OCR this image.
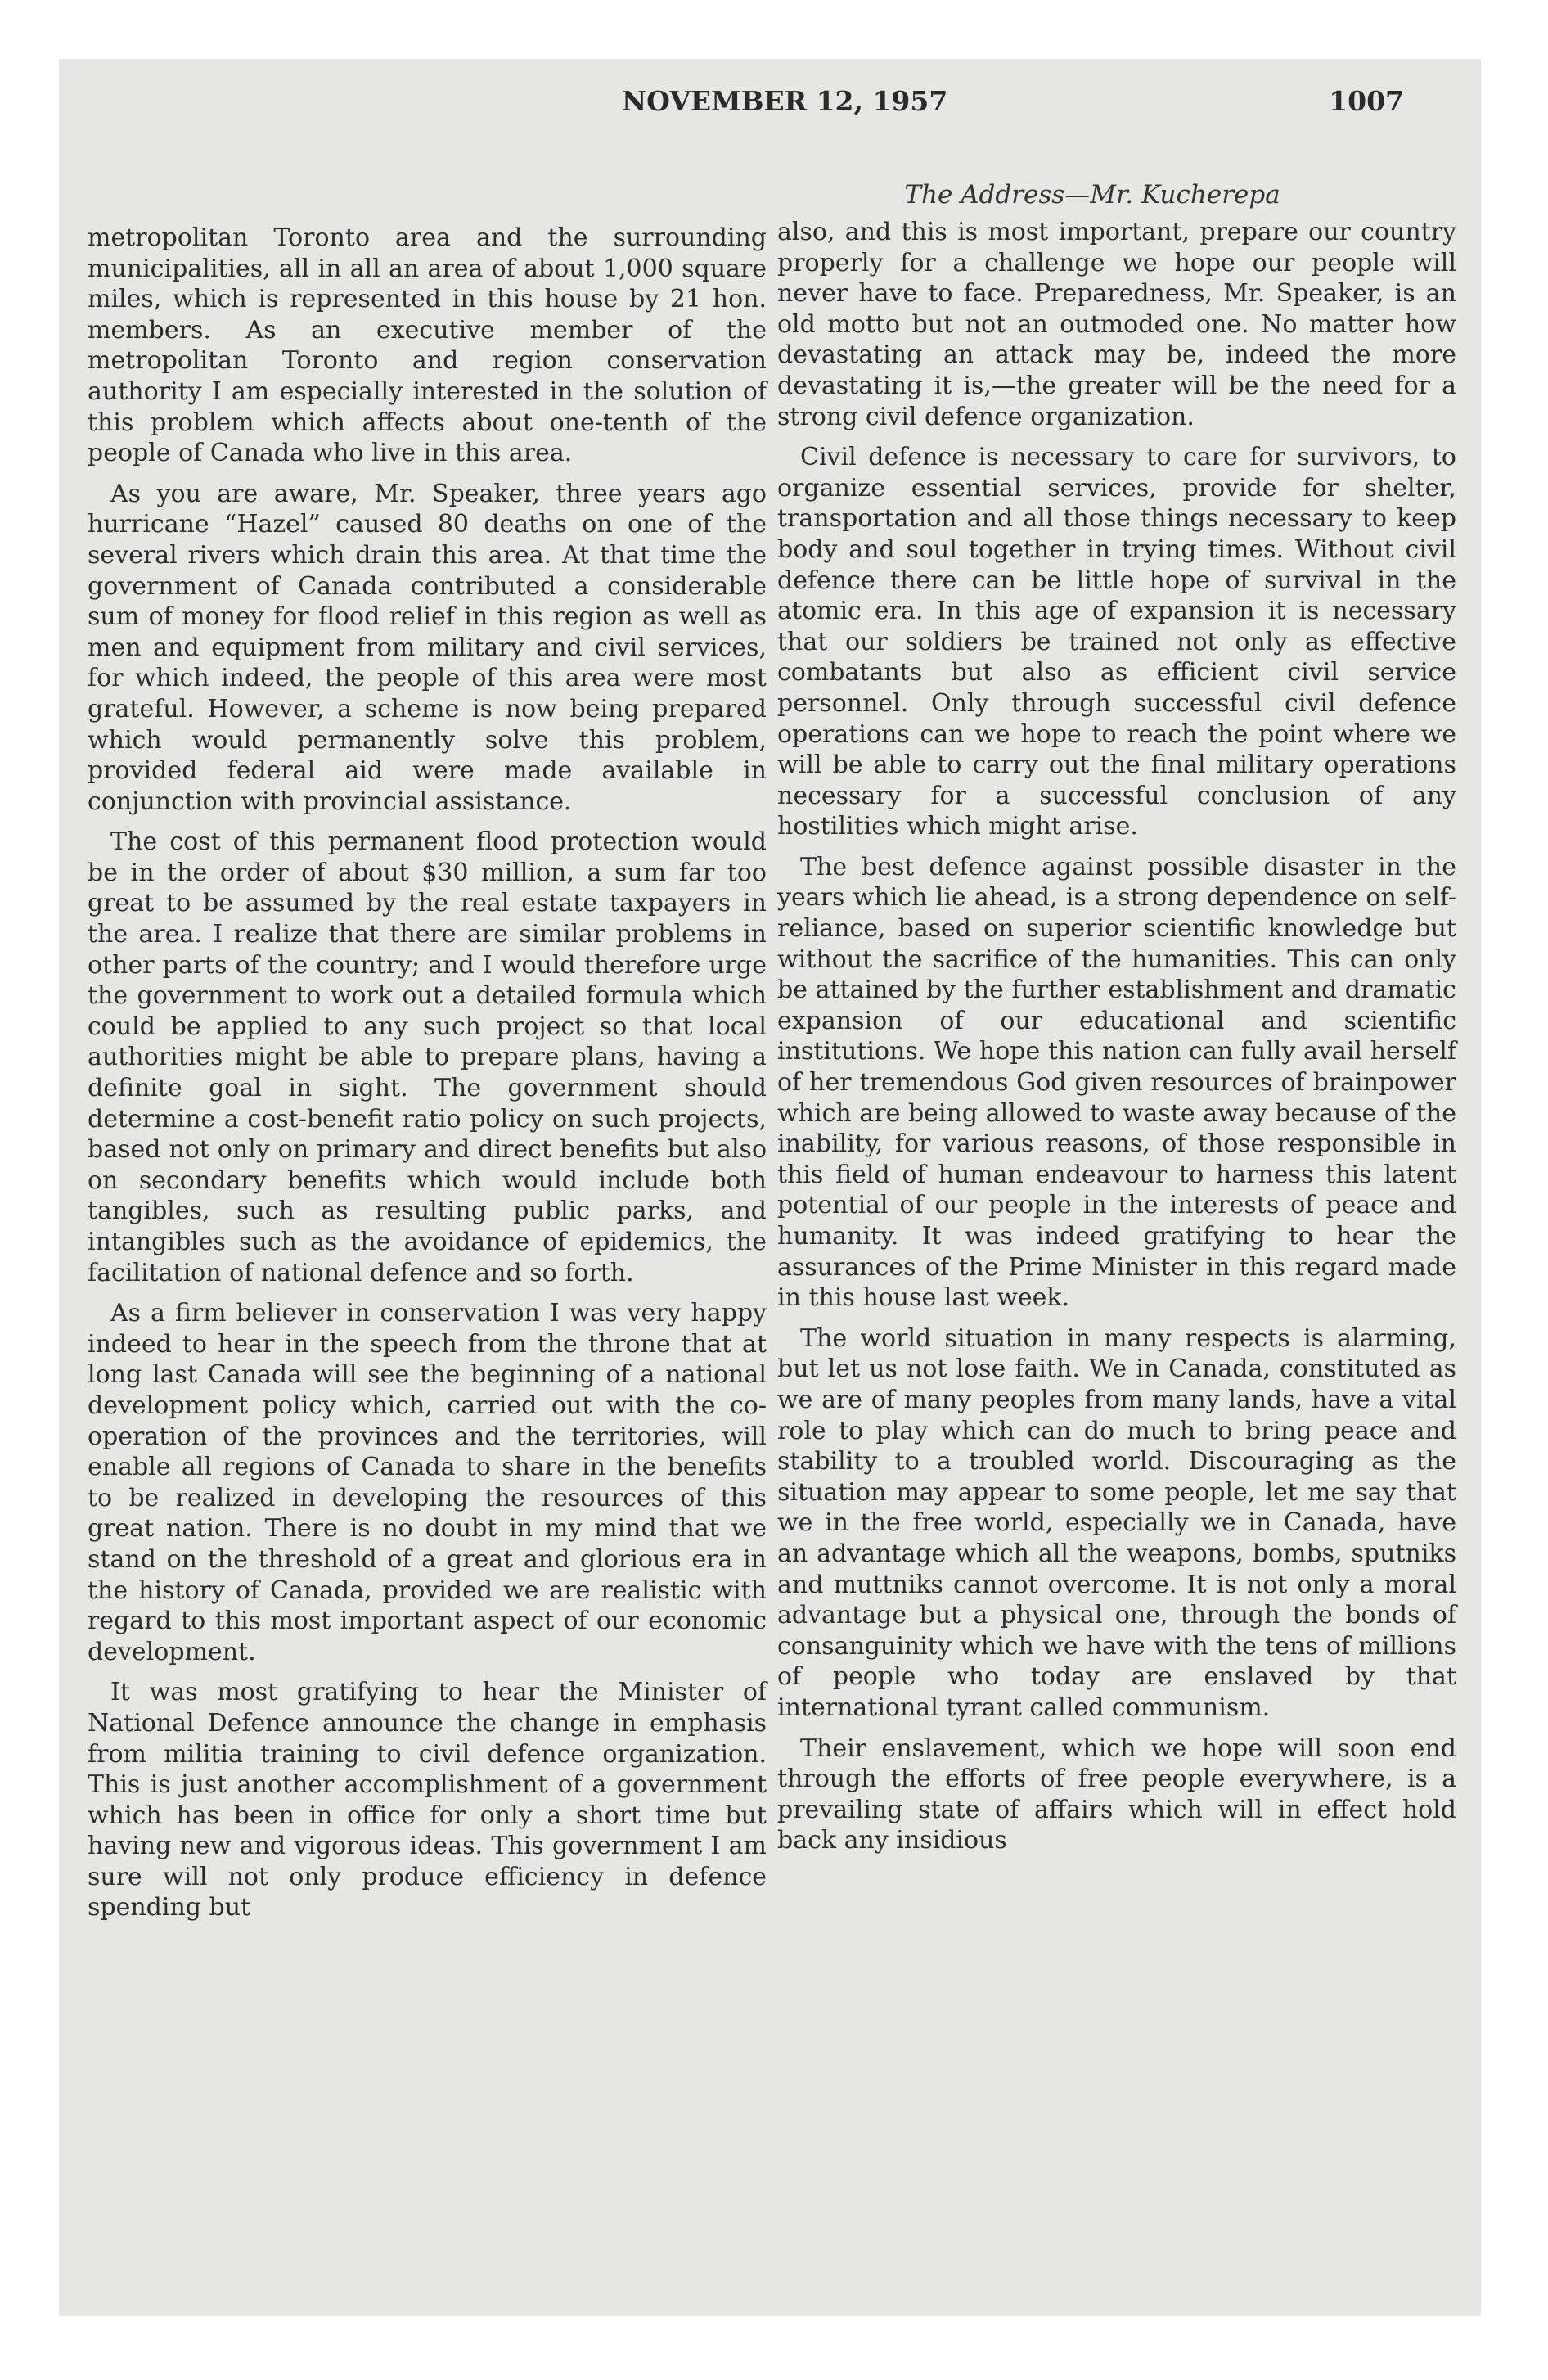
NOVEMBER 12, 1957	1007
The Address—Mr. Kucherepa

metropolitan Toronto area and the surrounding municipalities, all in all an area of about 1,000 square miles, which is represented in this house by 21 hon. members. As an executive member of the metropolitan Toronto and region conservation authority I am especially interested in the solution of this problem which affects about one-tenth of the people of Canada who live in this area.

As you are aware, Mr. Speaker, three years ago hurricane “Hazel” caused 80 deaths on one of the several rivers which drain this area. At that time the government of Canada contributed a considerable sum of money for flood relief in this region as well as men and equipment from military and civil services, for which indeed, the people of this area were most grateful. However, a scheme is now being prepared which would permanently solve this problem, provided federal aid were made available in conjunction with provincial assistance.

The cost of this permanent flood protection would be in the order of about $30 million, a sum far too great to be assumed by the real estate taxpayers in the area. I realize that there are similar problems in other parts of the country; and I would therefore urge the government to work out a detailed formula which could be applied to any such project so that local authorities might be able to prepare plans, having a definite goal in sight. The government should determine a cost-benefit ratio policy on such projects, based not only on primary and direct benefits but also on secondary benefits which would include both tangibles, such as resulting public parks, and intangibles such as the avoidance of epidemics, the facilitation of national defence and so forth.

As a firm believer in conservation I was very happy indeed to hear in the speech from the throne that at long last Canada will see the beginning of a national development policy which, carried out with the co-operation of the provinces and the territories, will enable all regions of Canada to share in the benefits to be realized in developing the resources of this great nation. There is no doubt in my mind that we stand on the threshold of a great and glorious era in the history of Canada, provided we are realistic with regard to this most important aspect of our economic development.

It was most gratifying to hear the Minister of National Defence announce the change in emphasis from militia training to civil defence organization. This is just another accomplishment of a government which has been in office for only a short time but having new and vigorous ideas. This government I am sure will not only produce efficiency in defence spending but

also, and this is most important, prepare our country properly for a challenge we hope our people will never have to face. Preparedness, Mr. Speaker, is an old motto but not an outmoded one. No matter how devastating an attack may be, indeed the more devastating it is,—the greater will be the need for a strong civil defence organization.

Civil defence is necessary to care for survivors, to organize essential services, provide for shelter, transportation and all those things necessary to keep body and soul together in trying times. Without civil defence there can be little hope of survival in the atomic era. In this age of expansion it is necessary that our soldiers be trained not only as effective combatants but also as efficient civil service personnel. Only through successful civil defence operations can we hope to reach the point where we will be able to carry out the final military operations necessary for a successful conclusion of any hostilities which might arise.

The best defence against possible disaster in the years which lie ahead, is a strong dependence on self-reliance, based on superior scientific knowledge but without the sacrifice of the humanities. This can only be attained by the further establishment and dramatic expansion of our educational and scientific institutions. We hope this nation can fully avail herself of her tremendous God given resources of brainpower which are being allowed to waste away because of the inability, for various reasons, of those responsible in this field of human endeavour to harness this latent potential of our people in the interests of peace and humanity. It was indeed gratifying to hear the assurances of the Prime Minister in this regard made in this house last week.

The world situation in many respects is alarming, but let us not lose faith. We in Canada, constituted as we are of many peoples from many lands, have a vital role to play which can do much to bring peace and stability to a troubled world. Discouraging as the situation may appear to some people, let me say that we in the free world, especially we in Canada, have an advantage which all the weapons, bombs, sputniks and muttniks cannot overcome. It is not only a moral advantage but a physical one, through the bonds of consanguinity which we have with the tens of millions of people who today are enslaved by that international tyrant called communism.

Their enslavement, which we hope will soon end through the efforts of free people everywhere, is a prevailing state of affairs which will in effect hold back any insidious
